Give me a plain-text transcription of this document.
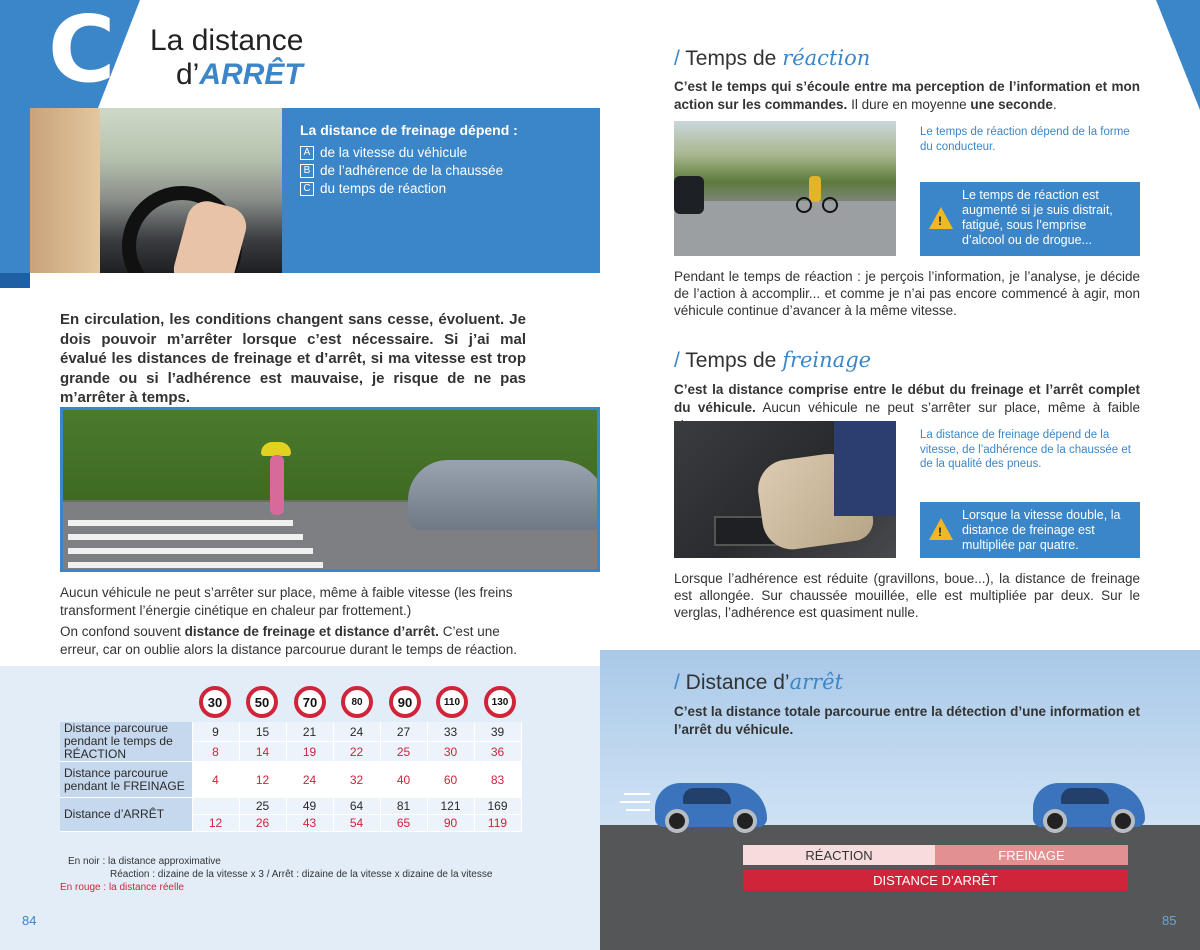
C La distance
d’ARRÊT
La distance de freinage dépend :
A de la vitesse du véhicule
B de l’adhérence de la chaussée
C du temps de réaction
En circulation, les conditions changent sans cesse, évoluent. Je dois pouvoir m’arrêter lorsque c’est nécessaire. Si j’ai mal évalué les distances de freinage et d’arrêt, si ma vitesse est trop grande ou si l’adhérence est mauvaise, je risque de ne pas m’arrêter à temps.
Aucun véhicule ne peut s’arrêter sur place, même à faible vitesse (les freins transforment l’énergie cinétique en chaleur par frottement.)
On confond souvent distance de freinage et distance d’arrêt. C’est une erreur, car on oublie alors la distance parcourue durant le temps de réaction.
30	50	70	80	90	110	130
Distance parcourue pendant le temps de RÉACTION	9	15	21	24	27	33	39
	8	14	19	22	25	30	36
Distance parcourue pendant le FREINAGE	4	12	24	32	40	60	83
Distance d’ARRÊT		25	49	64	81	121	169
	12	26	43	54	65	90	119
En noir : la distance approximative
Réaction : dizaine de la vitesse x 3 / Arrêt : dizaine de la vitesse x dizaine de la vitesse
En rouge : la distance réelle
84
/ Temps de réaction
C’est le temps qui s’écoule entre ma perception de l’information et mon action sur les commandes. Il dure en moyenne une seconde.
Le temps de réaction dépend de la forme du conducteur.
!
Le temps de réaction est augmenté si je suis distrait, fatigué, sous l’emprise d’alcool ou de drogue...
Pendant le temps de réaction : je perçois l’information, je l’analyse, je décide de l’action à accomplir... et comme je n’ai pas encore commencé à agir, mon véhicule continue d’avancer à la même vitesse.
/ Temps de freinage
C’est la distance comprise entre le début du freinage et l’arrêt complet du véhicule. Aucun véhicule ne peut s’arrêter sur place, même à faible
La distance de freinage dépend de la vitesse, de l’adhérence de la chaussée et de la qualité des pneus.
!
Lorsque la vitesse double, la distance de freinage est multipliée par quatre.
Lorsque l’adhérence est réduite (gravillons, boue...), la distance de freinage est allongée. Sur chaussée mouillée, elle est multipliée par deux. Sur le verglas, l’adhérence est quasiment nulle.
/ Distance d’arrêt
C’est la distance totale parcourue entre la détection d’une information et l’arrêt du véhicule.
RÉACTION	FREINAGE
DISTANCE D’ARRÊT
85
